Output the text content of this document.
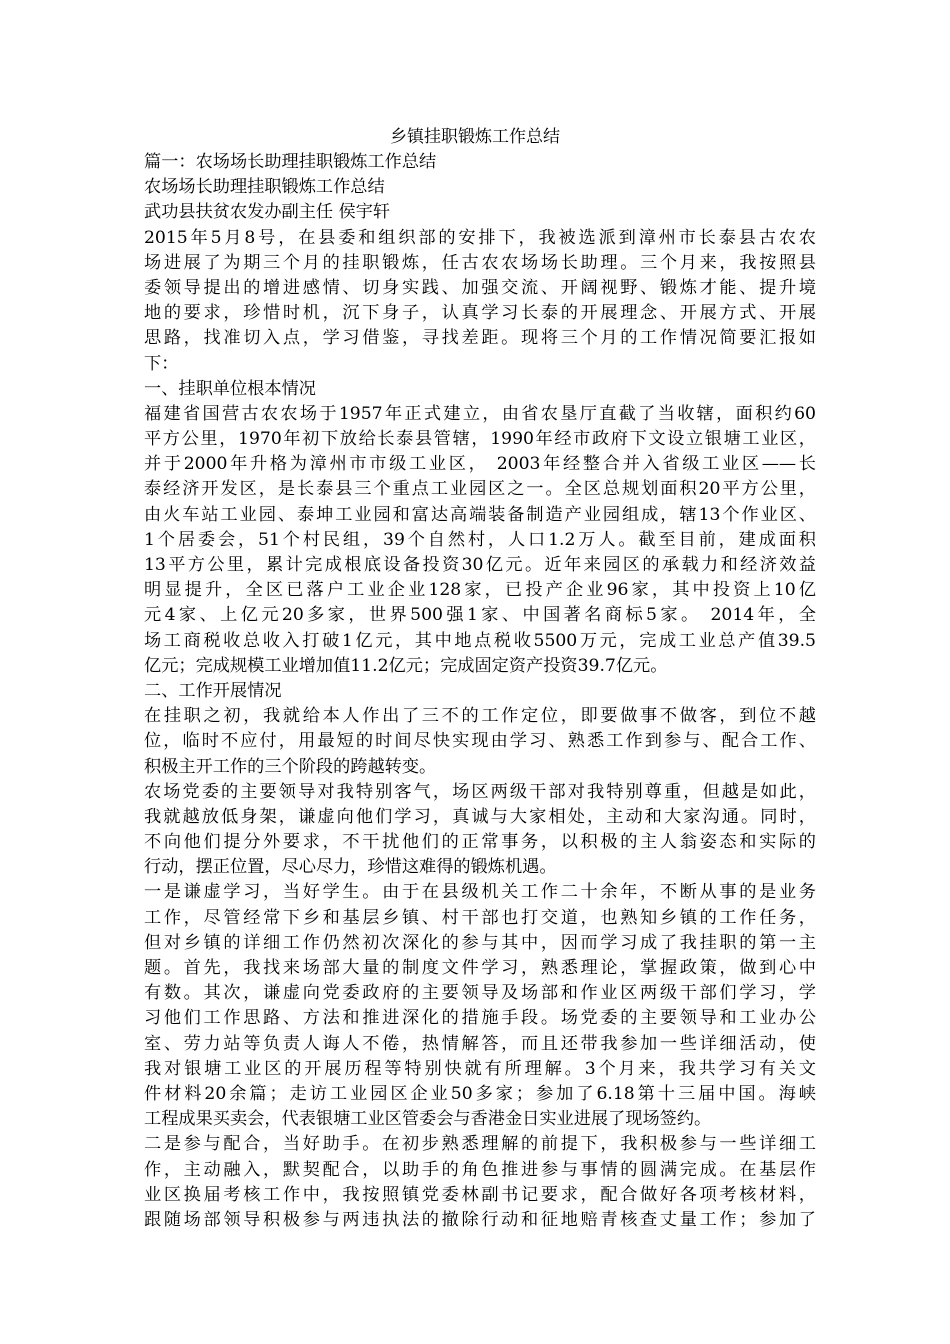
乡镇挂职锻炼工作总结
篇一：农场场长助理挂职锻炼工作总结
农场场长助理挂职锻炼工作总结
武功县扶贫农发办副主任 侯宇轩
2015年5月8号，在县委和组织部的安排下，我被选派到漳州市长泰县古农农
场进展了为期三个月的挂职锻炼，任古农农场场长助理。三个月来，我按照县
委领导提出的增进感情、切身实践、加强交流、开阔视野、锻炼才能、提升境
地的要求，珍惜时机，沉下身子，认真学习长泰的开展理念、开展方式、开展
思路，找准切入点，学习借鉴，寻找差距。现将三个月的工作情况简要汇报如
下：
一、挂职单位根本情况
福建省国营古农农场于1957年正式建立，由省农垦厅直截了当收辖，面积约60
平方公里，1970年初下放给长泰县管辖，1990年经市政府下文设立银塘工业区，
并于2000年升格为漳州市市级工业区， 2003年经整合并入省级工业区——长
泰经济开发区，是长泰县三个重点工业园区之一。全区总规划面积20平方公里，
由火车站工业园、泰坤工业园和富达高端装备制造产业园组成，辖13个作业区、
1个居委会，51个村民组，39个自然村，人口1.2万人。截至目前，建成面积
13平方公里，累计完成根底设备投资30亿元。近年来园区的承载力和经济效益
明显提升，全区已落户工业企业128家，已投产企业96家，其中投资上10亿
元4家、上亿元20多家，世界500强1家、中国著名商标5家。 2014年，全
场工商税收总收入打破1亿元，其中地点税收5500万元，完成工业总产值39.5
亿元；完成规模工业增加值11.2亿元；完成固定资产投资39.7亿元。
二、工作开展情况
在挂职之初，我就给本人作出了三不的工作定位，即要做事不做客，到位不越
位，临时不应付，用最短的时间尽快实现由学习、熟悉工作到参与、配合工作、
积极主开工作的三个阶段的跨越转变。
农场党委的主要领导对我特别客气，场区两级干部对我特别尊重，但越是如此，
我就越放低身架，谦虚向他们学习，真诚与大家相处，主动和大家沟通。同时，
不向他们提分外要求，不干扰他们的正常事务，以积极的主人翁姿态和实际的
行动，摆正位置，尽心尽力，珍惜这难得的锻炼机遇。
一是谦虚学习，当好学生。由于在县级机关工作二十余年，不断从事的是业务
工作，尽管经常下乡和基层乡镇、村干部也打交道，也熟知乡镇的工作任务，
但对乡镇的详细工作仍然初次深化的参与其中，因而学习成了我挂职的第一主
题。首先，我找来场部大量的制度文件学习，熟悉理论，掌握政策，做到心中
有数。其次，谦虚向党委政府的主要领导及场部和作业区两级干部们学习，学
习他们工作思路、方法和推进深化的措施手段。场党委的主要领导和工业办公
室、劳力站等负责人诲人不倦，热情解答，而且还带我参加一些详细活动，使
我对银塘工业区的开展历程等特别快就有所理解。3个月来，我共学习有关文
件材料20余篇；走访工业园区企业50多家；参加了6.18第十三届中国。海峡
工程成果买卖会，代表银塘工业区管委会与香港金日实业进展了现场签约。
二是参与配合，当好助手。在初步熟悉理解的前提下，我积极参与一些详细工
作，主动融入，默契配合，以助手的角色推进参与事情的圆满完成。在基层作
业区换届考核工作中，我按照镇党委林副书记要求，配合做好各项考核材料，
跟随场部领导积极参与两违执法的撤除行动和征地赔青核查丈量工作；参加了
